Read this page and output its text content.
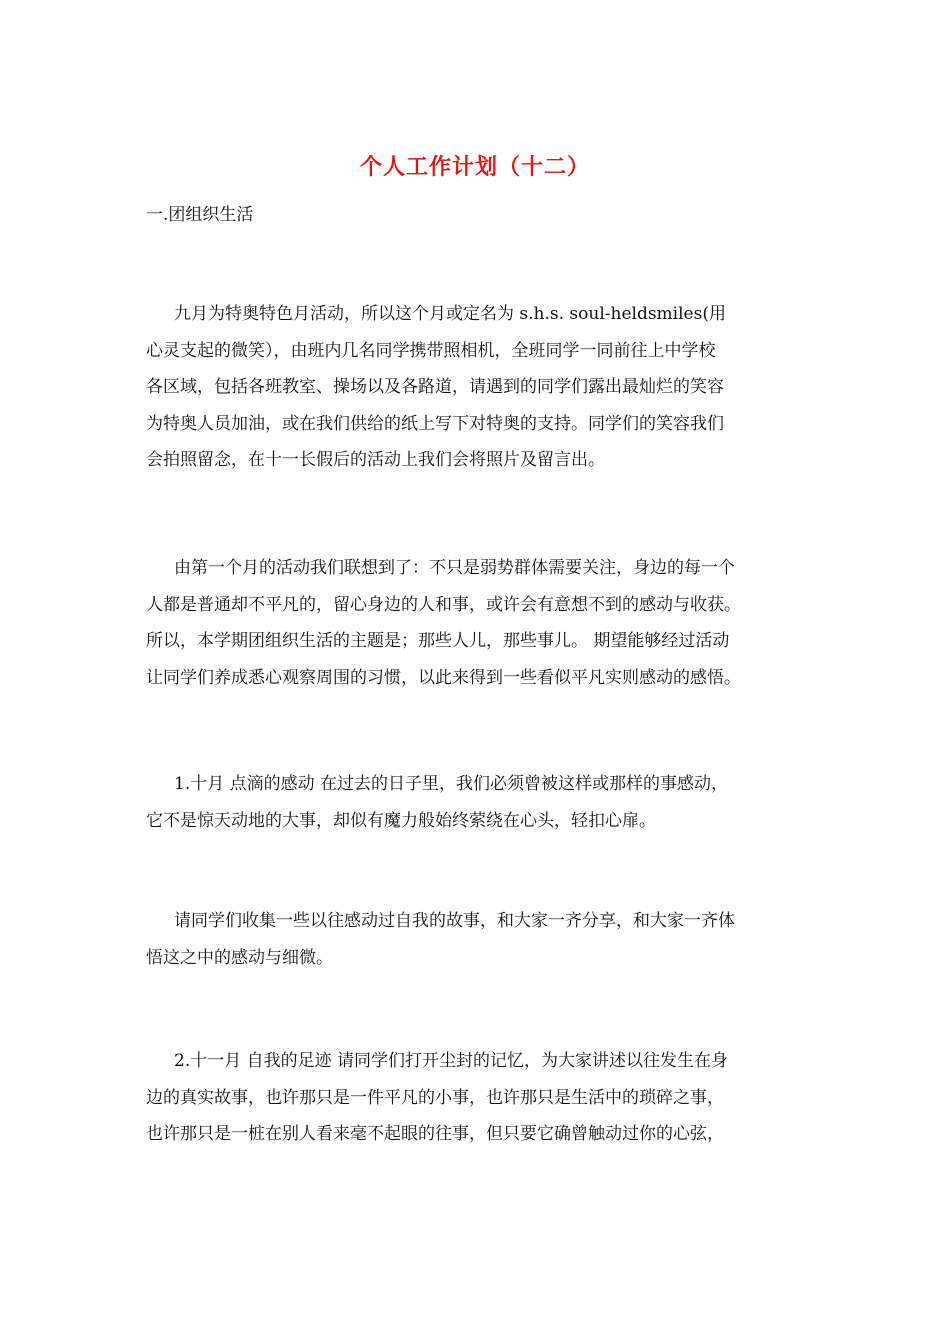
个人工作计划（十二）
一.团组织生活
九月为特奥特色月活动，所以这个月或定名为 s.h.s. soul-heldsmiles(用
心灵支起的微笑），由班内几名同学携带照相机，全班同学一同前往上中学校
各区域，包括各班教室、操场以及各路道，请遇到的同学们露出最灿烂的笑容
为特奥人员加油，或在我们供给的纸上写下对特奥的支持。同学们的笑容我们
会拍照留念，在十一长假后的活动上我们会将照片及留言出。
由第一个月的活动我们联想到了：不只是弱势群体需要关注，身边的每一个
人都是普通却不平凡的，留心身边的人和事，或许会有意想不到的感动与收获。
所以，本学期团组织生活的主题是；那些人儿，那些事儿。 期望能够经过活动
让同学们养成悉心观察周围的习惯，以此来得到一些看似平凡实则感动的感悟。
1.十月 点滴的感动 在过去的日子里，我们必须曾被这样或那样的事感动，
它不是惊天动地的大事，却似有魔力般始终萦绕在心头，轻扣心扉。
请同学们收集一些以往感动过自我的故事，和大家一齐分享，和大家一齐体
悟这之中的感动与细微。
2.十一月 自我的足迹 请同学们打开尘封的记忆，为大家讲述以往发生在身
边的真实故事，也许那只是一件平凡的小事，也许那只是生活中的琐碎之事，
也许那只是一桩在别人看来毫不起眼的往事，但只要它确曾触动过你的心弦，
